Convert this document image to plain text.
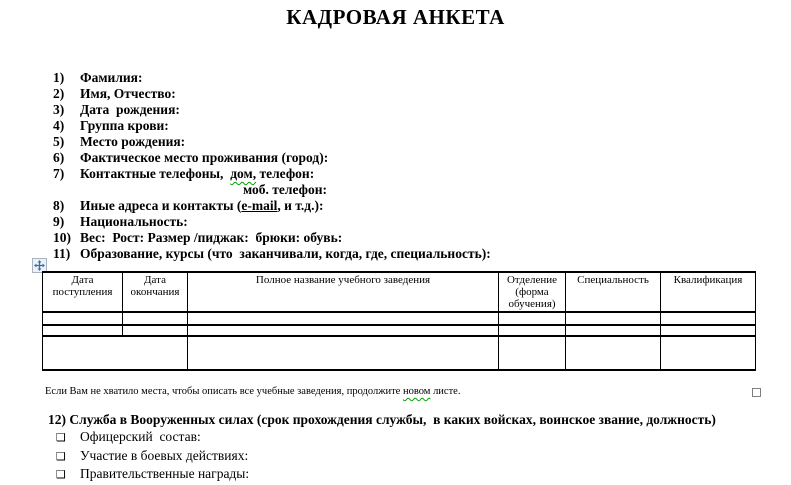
КАДРОВАЯ АНКЕТА
1)	Фамилия:
2)	Имя, Отчество:
3)	Дата  рождения:
4)	Группа крови:
5)	Место рождения:
6)	Фактическое место проживания (город):
7)	Контактные телефоны,  дом, телефон:
моб. телефон:
8)	Иные адреса и контакты (e-mail, и т.д.):
9)	Национальность:
10) Вес:  Рост: Размер /пиджак:  брюки: обувь:
11) Образование, курсы (что  заканчивали, когда, где, специальность):
Дата поступления	Дата окончания	Полное название учебного заведения	Отделение (форма обучения)	Специальность	Квалификация

Если Вам не хватило места, чтобы описать все учебные заведения, продолжите новом листе.
12) Служба в Вооруженных силах (срок прохождения службы,  в каких войсках, воинское звание, должность)
❑	Офицерский  состав:
❑	Участие в боевых действиях:
❑	Правительственные награды:
